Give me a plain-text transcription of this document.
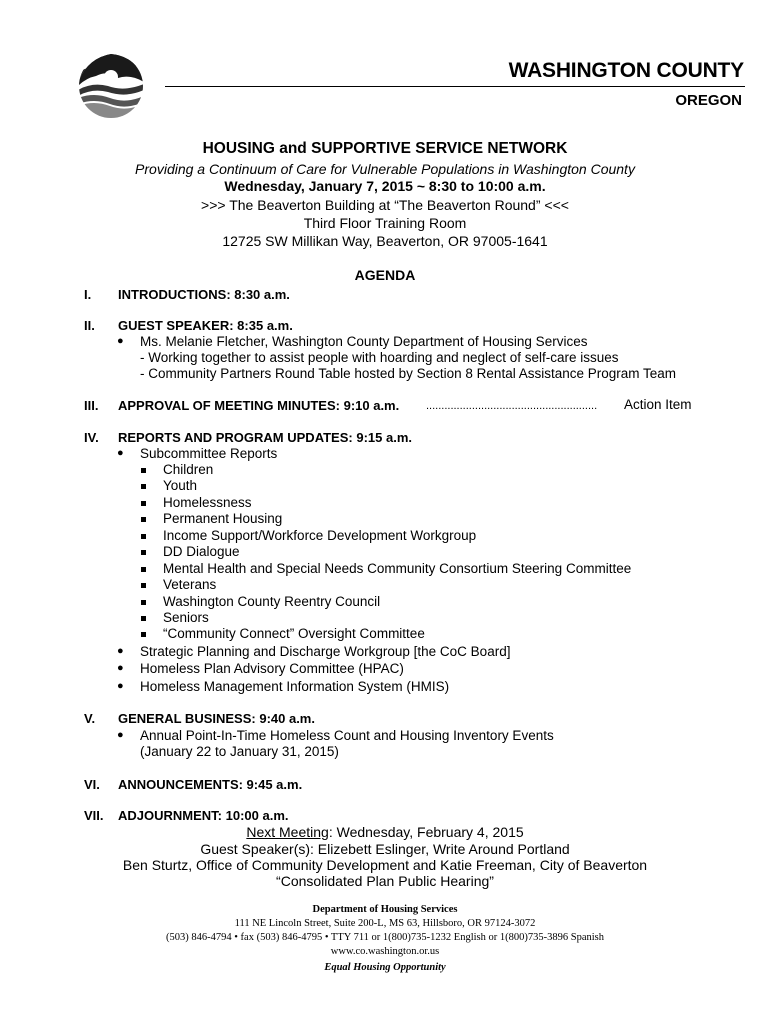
WASHINGTON COUNTY
OREGON
HOUSING and SUPPORTIVE SERVICE NETWORK
Providing a Continuum of Care for Vulnerable Populations in Washington County
Wednesday, January 7, 2015 ~ 8:30 to 10:00 a.m.
>>> The Beaverton Building at “The Beaverton Round” <<<
Third Floor Training Room
12725 SW Millikan Way, Beaverton, OR 97005-1641
AGENDA
I. INTRODUCTIONS: 8:30 a.m.
II. GUEST SPEAKER: 8:35 a.m.
● Ms. Melanie Fletcher, Washington County Department of Housing Services
- Working together to assist people with hoarding and neglect of self-care issues
- Community Partners Round Table hosted by Section 8 Rental Assistance Program Team
III. APPROVAL OF MEETING MINUTES: 9:10 a.m. ........................................................ Action Item
IV. REPORTS AND PROGRAM UPDATES: 9:15 a.m.
● Subcommittee Reports
Children
Youth
Homelessness
Permanent Housing
Income Support/Workforce Development Workgroup
DD Dialogue
Mental Health and Special Needs Community Consortium Steering Committee
Veterans
Washington County Reentry Council
Seniors
“Community Connect” Oversight Committee
● Strategic Planning and Discharge Workgroup [the CoC Board]
● Homeless Plan Advisory Committee (HPAC)
● Homeless Management Information System (HMIS)
V. GENERAL BUSINESS: 9:40 a.m.
● Annual Point-In-Time Homeless Count and Housing Inventory Events
(January 22 to January 31, 2015)
VI. ANNOUNCEMENTS: 9:45 a.m.
VII. ADJOURNMENT: 10:00 a.m.
Next Meeting: Wednesday, February 4, 2015
Guest Speaker(s): Elizebett Eslinger, Write Around Portland
Ben Sturtz, Office of Community Development and Katie Freeman, City of Beaverton
“Consolidated Plan Public Hearing”
Department of Housing Services
111 NE Lincoln Street, Suite 200-L, MS 63, Hillsboro, OR 97124-3072
(503) 846-4794 • fax (503) 846-4795 • TTY 711 or 1(800)735-1232 English or 1(800)735-3896 Spanish
www.co.washington.or.us
Equal Housing Opportunity
